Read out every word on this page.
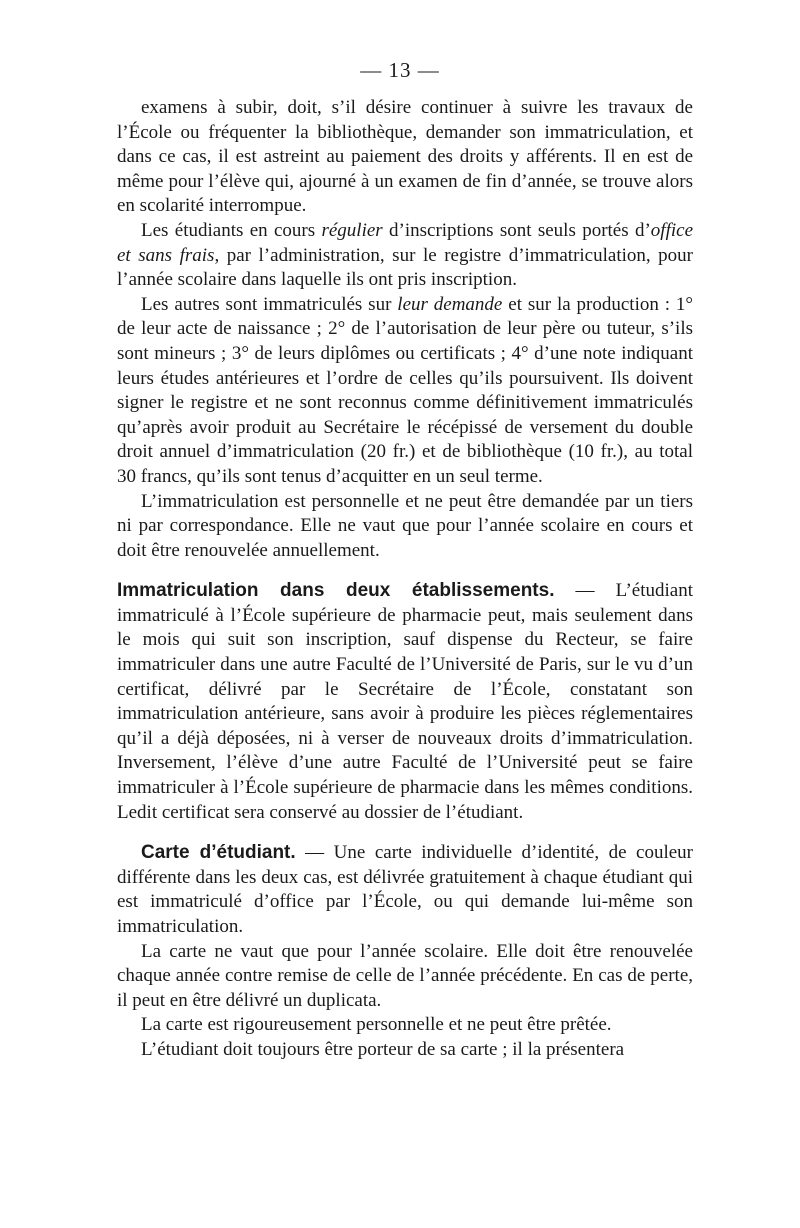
— 13 —

examens à subir, doit, s’il désire continuer à suivre les travaux de l’École ou fréquenter la bibliothèque, demander son immatriculation, et dans ce cas, il est astreint au paiement des droits y afférents. Il en est de même pour l’élève qui, ajourné à un examen de fin d’année, se trouve alors en scolarité interrompue.

Les étudiants en cours régulier d’inscriptions sont seuls portés d’office et sans frais, par l’administration, sur le registre d’immatriculation, pour l’année scolaire dans laquelle ils ont pris inscription.

Les autres sont immatriculés sur leur demande et sur la production : 1° de leur acte de naissance ; 2° de l’autorisation de leur père ou tuteur, s’ils sont mineurs ; 3° de leurs diplômes ou certificats ; 4° d’une note indiquant leurs études antérieures et l’ordre de celles qu’ils poursuivent. Ils doivent signer le registre et ne sont reconnus comme définitivement immatriculés qu’après avoir produit au Secrétaire le récépissé de versement du double droit annuel d’immatriculation (20 fr.) et de bibliothèque (10 fr.), au total 30 francs, qu’ils sont tenus d’acquitter en un seul terme.

L’immatriculation est personnelle et ne peut être demandée par un tiers ni par correspondance. Elle ne vaut que pour l’année scolaire en cours et doit être renouvelée annuellement.

Immatriculation dans deux établissements. — L’étudiant immatriculé à l’École supérieure de pharmacie peut, mais seulement dans le mois qui suit son inscription, sauf dispense du Recteur, se faire immatriculer dans une autre Faculté de l’Université de Paris, sur le vu d’un certificat, délivré par le Secrétaire de l’École, constatant son immatriculation antérieure, sans avoir à produire les pièces réglementaires qu’il a déjà déposées, ni à verser de nouveaux droits d’immatriculation. Inversement, l’élève d’une autre Faculté de l’Université peut se faire immatriculer à l’École supérieure de pharmacie dans les mêmes conditions. Ledit certificat sera conservé au dossier de l’étudiant.

Carte d’étudiant. — Une carte individuelle d’identité, de couleur différente dans les deux cas, est délivrée gratuitement à chaque étudiant qui est immatriculé d’office par l’École, ou qui demande lui-même son immatriculation.

La carte ne vaut que pour l’année scolaire. Elle doit être renouvelée chaque année contre remise de celle de l’année précédente. En cas de perte, il peut en être délivré un duplicata.

La carte est rigoureusement personnelle et ne peut être prêtée.

L’étudiant doit toujours être porteur de sa carte ; il la présentera
